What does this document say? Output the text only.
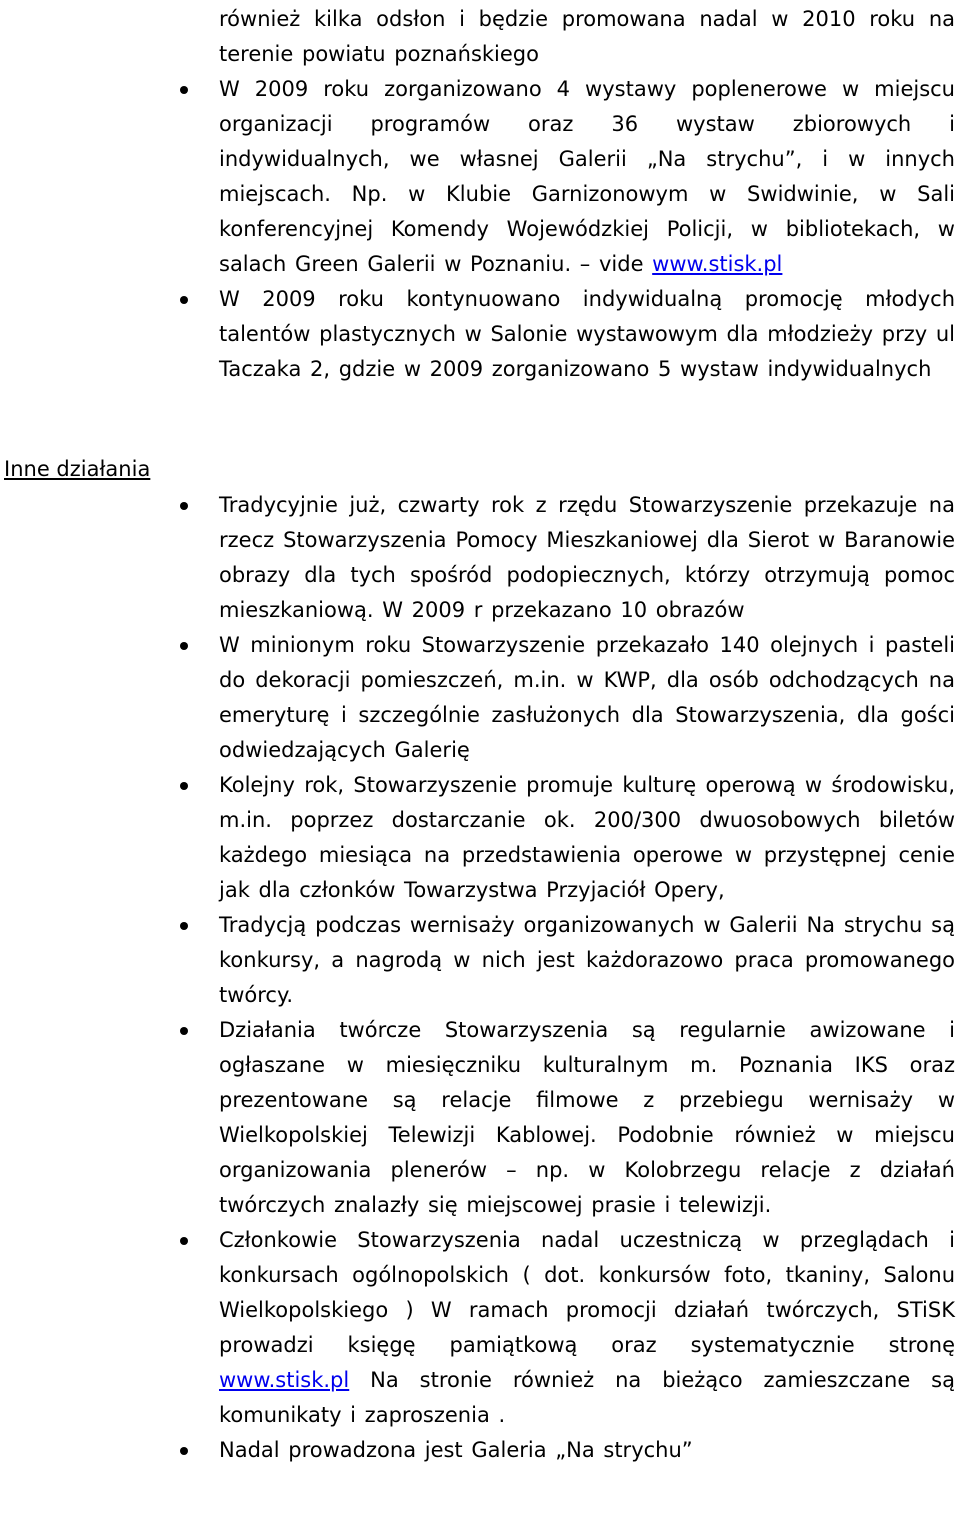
również kilka odsłon i będzie promowana nadal w 2010 roku na terenie powiatu poznańskiego
W 2009 roku zorganizowano 4 wystawy poplenerowe w miejscu organizacji programów oraz 36 wystaw zbiorowych i indywidualnych, we własnej Galerii „Na strychu”, i w innych miejscach. Np. w Klubie Garnizonowym w Swidwinie, w Sali konferencyjnej Komendy Wojewódzkiej Policji, w bibliotekach, w salach Green Galerii w Poznaniu. – vide www.stisk.pl
W 2009 roku kontynuowano indywidualną promocję młodych talentów plastycznych w Salonie wystawowym dla młodzieży przy ul Taczaka 2, gdzie w 2009 zorganizowano 5 wystaw indywidualnych
Inne działania
Tradycyjnie już, czwarty rok z rzędu Stowarzyszenie przekazuje na rzecz Stowarzyszenia Pomocy Mieszkaniowej dla Sierot w Baranowie obrazy dla tych spośród podopiecznych, którzy otrzymują pomoc mieszkaniową. W 2009 r przekazano 10 obrazów
W minionym roku Stowarzyszenie przekazało 140 olejnych i pasteli do dekoracji pomieszczeń, m.in. w KWP, dla osób odchodzących na emeryturę i szczególnie zasłużonych dla Stowarzyszenia, dla gości odwiedzających Galerię
Kolejny rok, Stowarzyszenie promuje kulturę operową w środowisku, m.in. poprzez dostarczanie ok. 200/300 dwuosobowych biletów każdego miesiąca na przedstawienia operowe w przystępnej cenie jak dla członków Towarzystwa Przyjaciół Opery,
Tradycją podczas wernisaży organizowanych w Galerii Na strychu są konkursy, a nagrodą w nich jest każdorazowo praca promowanego twórcy.
Działania twórcze Stowarzyszenia są regularnie awizowane i ogłaszane w miesięczniku kulturalnym m. Poznania IKS oraz prezentowane są relacje filmowe z przebiegu wernisaży w Wielkopolskiej Telewizji Kablowej. Podobnie również w miejscu organizowania plenerów – np. w Kolobrzegu relacje z działań twórczych znalazły się miejscowej prasie i telewizji.
Członkowie Stowarzyszenia nadal uczestniczą w przeglądach i konkursach ogólnopolskich ( dot. konkursów foto, tkaniny, Salonu Wielkopolskiego ) W ramach promocji działań twórczych, STiSK prowadzi księgę pamiątkową oraz systematycznie stronę www.stisk.pl Na stronie również na bieżąco zamieszczane są komunikaty i zaproszenia .
Nadal prowadzona jest Galeria „Na strychu”
